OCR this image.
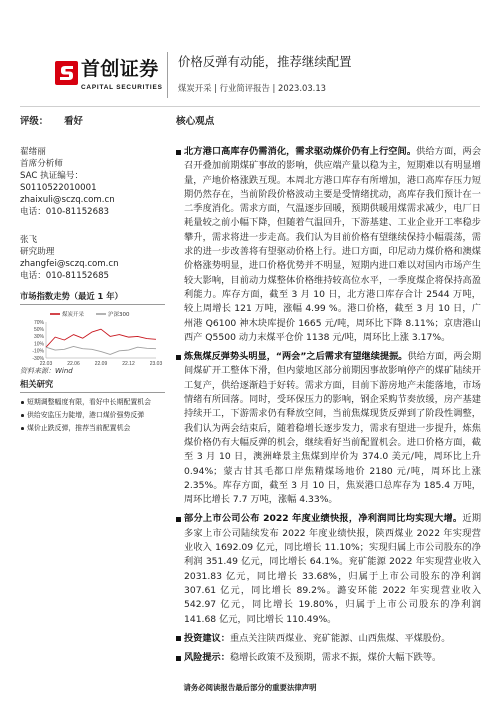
首创证券
CAPITAL SECURITIES
价格反弹有动能，推荐继续配置
煤炭开采 | 行业简评报告 | 2023.03.13
评级： 看好	核心观点
翟绪丽
首席分析师
SAC 执证编号：
S0110522010001
zhaixuli@sczq.com.cn
电话：010-81152683
张飞
研究助理
zhangfei@sczq.com.cn
电话：010-81152685
市场指数走势（最近 1 年）
煤炭开采	沪深300
70%
50%
30%
10%
-10%
-30%
22.03	22.06	22.09	22.12	23.03
资料来源：Wind
相关研究
短期调整幅度有限，看好中长期配置机会
供给安监压力陡增，港口煤价强势反弹
煤价止跌反弹，推荐当前配置机会
北方港口高库存仍需消化，需求驱动煤价仍有上行空间。供给方面，两会召开叠加前期煤矿事故的影响，供应端产量以稳为主，短期难以有明显增量，产地价格涨跌互现。本周北方港口库存有所增加，港口高库存压力短期仍然存在，当前阶段价格波动主要是受情绪扰动，高库存我们预计在一二季度消化。需求方面，气温逐步回暖，预期供暖用煤需求减少，电厂日耗量较之前小幅下降，但随着气温回升，下游基建、工业企业开工率稳步攀升，需求将进一步走高。我们认为目前价格有望继续保持小幅震荡，需求的进一步改善将有望驱动价格上行。进口方面，印尼动力煤价格和澳煤价格涨势明显，进口价格优势并不明显，短期内进口难以对国内市场产生较大影响，目前动力煤整体价格维持较高位水平，一季度煤企将保持高盈利能力。库存方面，截至 3 月 10 日，北方港口库存合计 2544 万吨，较上周增长 121 万吨，涨幅 4.99 %。港口价格，截至 3 月 10 日，广州港 Q6100 神木块库提价 1665 元/吨，周环比下降 8.11%；京唐港山西产 Q5500 动力末煤平仓价 1138 元/吨，周环比上涨 3.17%。
炼焦煤反弹势头明显，“两会”之后需求有望继续提振。供给方面，两会期间煤矿开工整体下滑，但内蒙地区部分前期因事故影响停产的煤矿陆续开工复产，供给逐渐趋于好转。需求方面，目前下游房地产未能落地，市场情绪有所回落。同时，受环保压力的影响，钢企采购节奏放缓，房产基建持续开工，下游需求仍有释放空间，当前焦煤现货反弹到了阶段性调整，我们认为两会结束后，随着稳增长逐步发力，需求有望进一步提升，炼焦煤价格仍有大幅反弹的机会，继续看好当前配置机会。进口价格方面，截至 3 月 10 日，澳洲峰景主焦煤到岸价为 374.0 美元/吨，周环比上升 0.94%；蒙古甘其毛都口岸焦精煤场地价 2180 元/吨，周环比上涨 2.35%。库存方面，截至 3 月 10 日，焦炭港口总库存为 185.4 万吨，周环比增长 7.7 万吨，涨幅 4.33%。
部分上市公司公布 2022 年度业绩快报，净利润同比均实现大增。近期多家上市公司陆续发布 2022 年度业绩快报，陕西煤业 2022 年实现营业收入 1692.09 亿元，同比增长 11.10%；实现归属上市公司股东的净利润 351.49 亿元，同比增长 64.1%。兖矿能源 2022 年实现营业收入 2031.83 亿元，同比增长 33.68%，归属于上市公司股东的净利润 307.61 亿元，同比增长 89.2%。潞安环能 2022 年实现营业收入 542.97 亿元，同比增长 19.80%，归属于上市公司股东的净利润 141.68 亿元，同比增长 110.49%。
投资建议：重点关注陕西煤业、兖矿能源、山西焦煤、平煤股份。
风险提示：稳增长政策不及预期，需求不振，煤价大幅下跌等。
请务必阅读报告最后部分的重要法律声明
